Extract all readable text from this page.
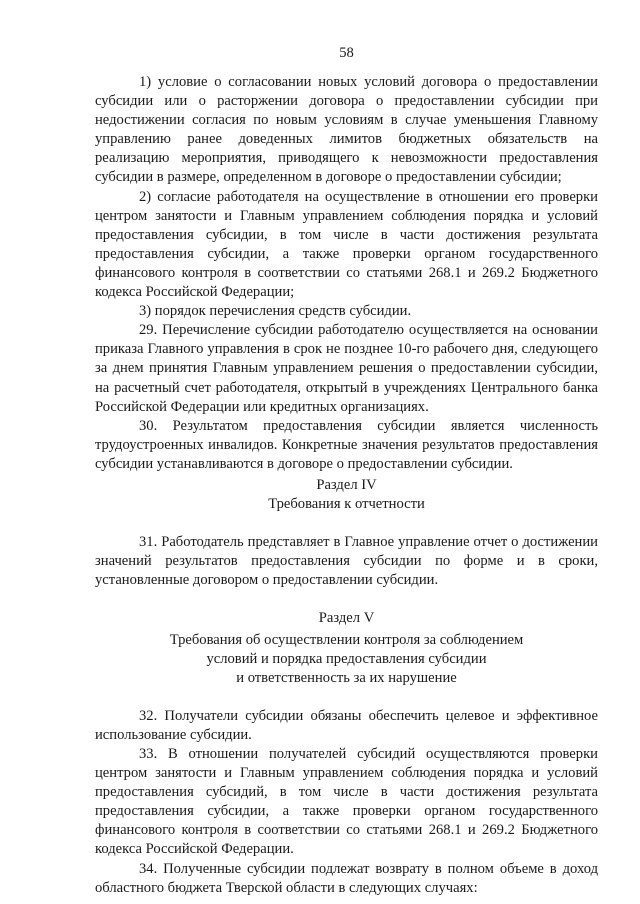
58

1) условие о согласовании новых условий договора о предоставлении субсидии или о расторжении договора о предоставлении субсидии при недостижении согласия по новым условиям в случае уменьшения Главному управлению ранее доведенных лимитов бюджетных обязательств на реализацию мероприятия, приводящего к невозможности предоставления субсидии в размере, определенном в договоре о предоставлении субсидии;

2) согласие работодателя на осуществление в отношении его проверки центром занятости и Главным управлением соблюдения порядка и условий предоставления субсидии, в том числе в части достижения результата предоставления субсидии, а также проверки органом государственного финансового контроля в соответствии со статьями 268.1 и 269.2 Бюджетного кодекса Российской Федерации;

3) порядок перечисления средств субсидии.

29. Перечисление субсидии работодателю осуществляется на основании приказа Главного управления в срок не позднее 10-го рабочего дня, следующего за днем принятия Главным управлением решения о предоставлении субсидии, на расчетный счет работодателя, открытый в учреждениях Центрального банка Российской Федерации или кредитных организациях.

30. Результатом предоставления субсидии является численность трудоустроенных инвалидов. Конкретные значения результатов предоставления субсидии устанавливаются в договоре о предоставлении субсидии.

Раздел IV
Требования к отчетности

31. Работодатель представляет в Главное управление отчет о достижении значений результатов предоставления субсидии по форме и в сроки, установленные договором о предоставлении субсидии.

Раздел V
Требования об осуществлении контроля за соблюдением
условий и порядка предоставления субсидии
и ответственность за их нарушение

32. Получатели субсидии обязаны обеспечить целевое и эффективное использование субсидии.

33. В отношении получателей субсидий осуществляются проверки центром занятости и Главным управлением соблюдения порядка и условий предоставления субсидий, в том числе в части достижения результата предоставления субсидии, а также проверки органом государственного финансового контроля в соответствии со статьями 268.1 и 269.2 Бюджетного кодекса Российской Федерации.

34. Полученные субсидии подлежат возврату в полном объеме в доход областного бюджета Тверской области в следующих случаях:
